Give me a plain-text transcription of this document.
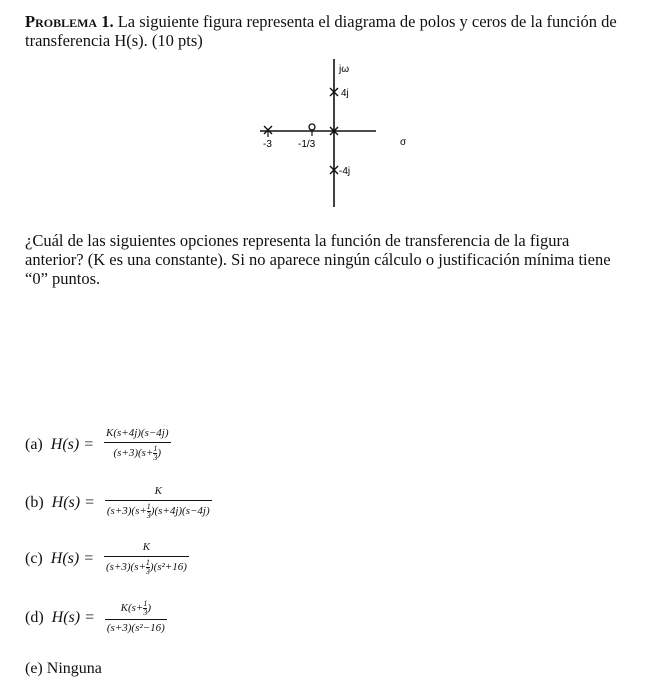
Problema 1. La siguiente figura representa el diagrama de polos y ceros de la función de transferencia H(s). (10 pts)
jω
σ
4j
-4j
-3	-1/3
¿Cuál de las siguientes opciones representa la función de transferencia de la figura
anterior? (K es una constante). Si no aparece ningún cálculo o justificación mínima tiene
“0” puntos.
(a) $H(s) = \frac{K(s+4j)(s-4j)}{(s+3)(s+ \frac{1}{3} )}$
(b) $H(s) = \frac{K}{(s+3)(s+ \frac{1}{3} )(s+4j)(s-4j)}$
(c) $H(s) = \frac{K}{(s+3)(s+ \frac{1}{3} )(s^2+16)}$
(d) $H(s) = \frac{K(s+ \frac{1}{3} )}{\text{(s+3)(s²−16)}}$
(e) Ninguna
